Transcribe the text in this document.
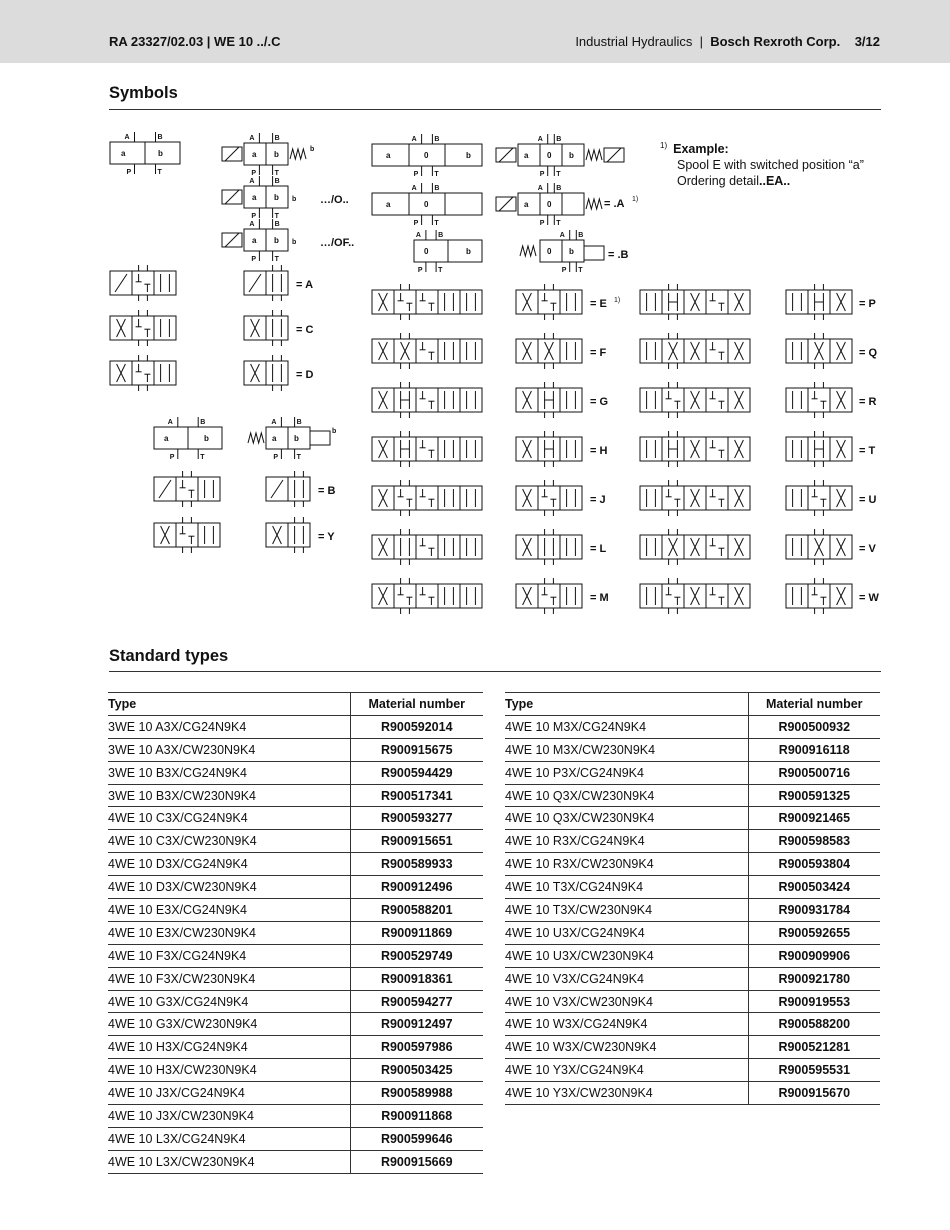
RA 23327/02.03 | WE 10 ../.C	Industrial Hydraulics | Bosch Rexroth Corp. 3/12
Symbols
a	b
A	B
P	T
a b
b
A	B
P	T
a b b …/O..
A	B
P	T
a b b …/OF..
A	B
P	T
a	0	b
A	B
P T
a	0
A	B
P T
0	b
A B
P T
a 0 b
A B
P T
a 0	= .A 1)
A B
P T
0 b	= .B
A B
P T
= A
= C
= D
a	b
A	B
P	T
a b
b
A	B
P	T
= B
= Y
= E 1)	= P
= F	= Q
= G	= R
= H	= T
= J	= U
= L	= V
= M	= W
$^{1)}$ Example:
Spool E with switched position “a”
Ordering detail..EA..
Standard types
Type	Material number
3WE 10 A3X/CG24N9K4	R900592014
3WE 10 A3X/CW230N9K4	R900915675
3WE 10 B3X/CG24N9K4	R900594429
3WE 10 B3X/CW230N9K4	R900517341
4WE 10 C3X/CG24N9K4	R900593277
4WE 10 C3X/CW230N9K4	R900915651
4WE 10 D3X/CG24N9K4	R900589933
4WE 10 D3X/CW230N9K4	R900912496
4WE 10 E3X/CG24N9K4	R900588201
4WE 10 E3X/CW230N9K4	R900911869
4WE 10 F3X/CG24N9K4	R900529749
4WE 10 F3X/CW230N9K4	R900918361
4WE 10 G3X/CG24N9K4	R900594277
4WE 10 G3X/CW230N9K4	R900912497
4WE 10 H3X/CG24N9K4	R900597986
4WE 10 H3X/CW230N9K4	R900503425
4WE 10 J3X/CG24N9K4	R900589988
4WE 10 J3X/CW230N9K4	R900911868
4WE 10 L3X/CG24N9K4	R900599646
4WE 10 L3X/CW230N9K4	R900915669
Type	Material number
4WE 10 M3X/CG24N9K4	R900500932
4WE 10 M3X/CW230N9K4	R900916118
4WE 10 P3X/CG24N9K4	R900500716
4WE 10 Q3X/CW230N9K4	R900591325
4WE 10 Q3X/CW230N9K4	R900921465
4WE 10 R3X/CG24N9K4	R900598583
4WE 10 R3X/CW230N9K4	R900593804
4WE 10 T3X/CG24N9K4	R900503424
4WE 10 T3X/CW230N9K4	R900931784
4WE 10 U3X/CG24N9K4	R900592655
4WE 10 U3X/CW230N9K4	R900909906
4WE 10 V3X/CG24N9K4	R900921780
4WE 10 V3X/CW230N9K4	R900919553
4WE 10 W3X/CG24N9K4	R900588200
4WE 10 W3X/CW230N9K4	R900521281
4WE 10 Y3X/CG24N9K4	R900595531
4WE 10 Y3X/CW230N9K4	R900915670
